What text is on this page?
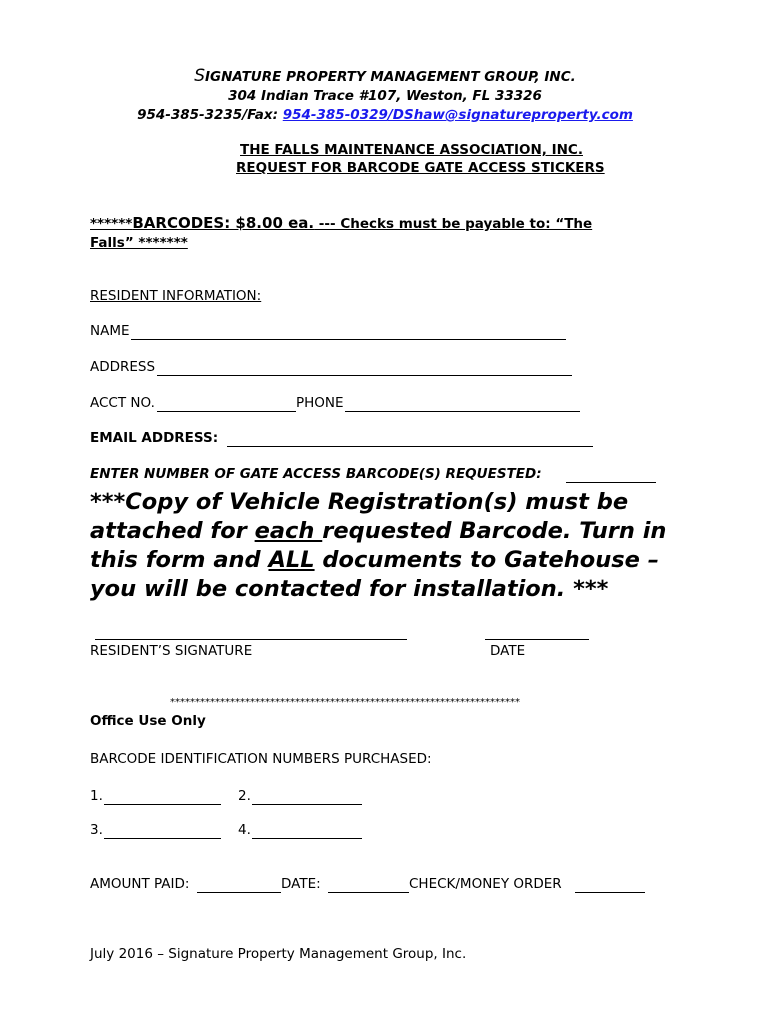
SIGNATURE PROPERTY MANAGEMENT GROUP, INC.
304 Indian Trace #107, Weston, FL 33326
954-385-3235/Fax: 954-385-0329/DShaw@signatureproperty.com
THE FALLS MAINTENANCE ASSOCIATION, INC.
REQUEST FOR BARCODE GATE ACCESS STICKERS
******BARCODES: $8.00 ea. --- Checks must be payable to: “The
Falls” *******
RESIDENT INFORMATION:
NAME
ADDRESS
ACCT NO.	PHONE
EMAIL ADDRESS:
ENTER NUMBER OF GATE ACCESS BARCODE(S) REQUESTED:
***Copy of Vehicle Registration(s) must be
attached for each requested Barcode. Turn in
this form and ALL documents to Gatehouse –
you will be contacted for installation. ***
RESIDENT’S SIGNATURE	DATE
**********************************************************************
Office Use Only
BARCODE IDENTIFICATION NUMBERS PURCHASED:
1.	2.
3.	4.
AMOUNT PAID:	DATE:	CHECK/MONEY ORDER
July 2016 – Signature Property Management Group, Inc.
